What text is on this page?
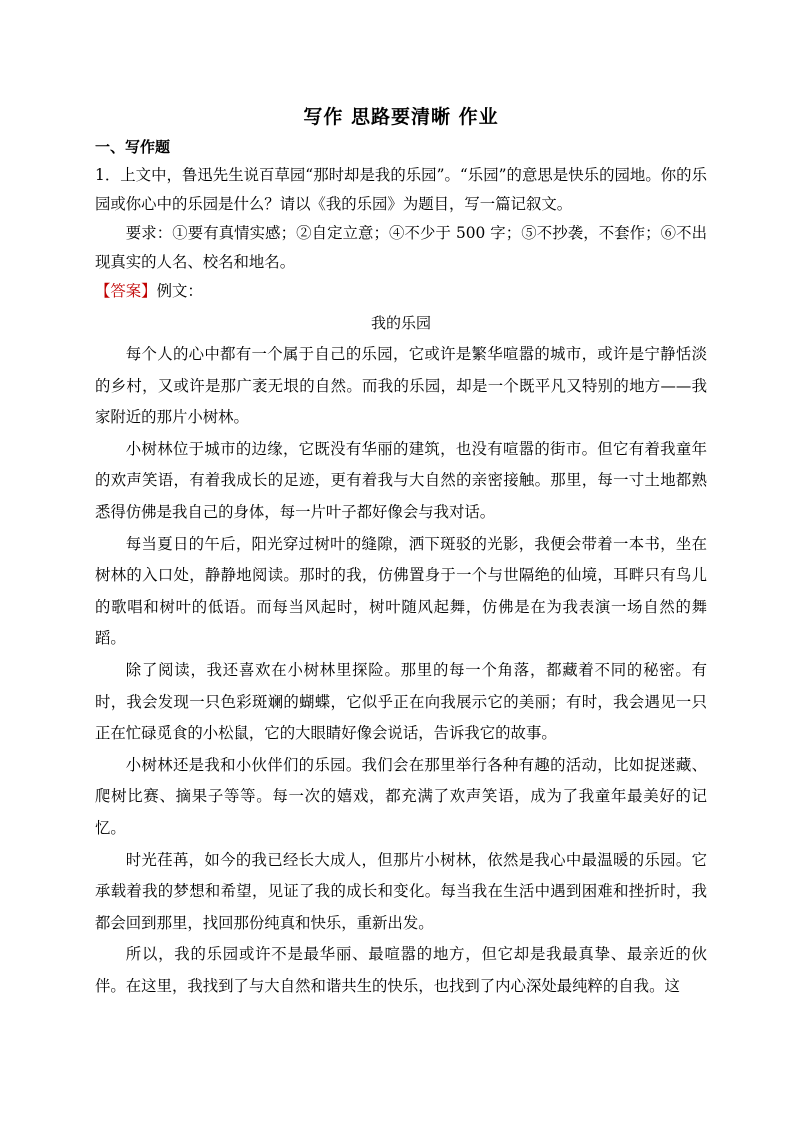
写作 思路要清晰 作业
一、写作题

1．上文中，鲁迅先生说百草园“那时却是我的乐园”。“乐园”的意思是快乐的园地。你的乐园或你心中的乐园是什么？请以《我的乐园》为题目，写一篇记叙文。

要求：①要有真情实感；②自定立意；④不少于 500 字；⑤不抄袭，不套作；⑥不出现真实的人名、校名和地名。

【答案】例文：

我的乐园

每个人的心中都有一个属于自己的乐园，它或许是繁华喧嚣的城市，或许是宁静恬淡的乡村，又或许是那广袤无垠的自然。而我的乐园，却是一个既平凡又特别的地方——我家附近的那片小树林。

小树林位于城市的边缘，它既没有华丽的建筑，也没有喧嚣的街市。但它有着我童年的欢声笑语，有着我成长的足迹，更有着我与大自然的亲密接触。那里，每一寸土地都熟悉得仿佛是我自己的身体，每一片叶子都好像会与我对话。

每当夏日的午后，阳光穿过树叶的缝隙，洒下斑驳的光影，我便会带着一本书，坐在树林的入口处，静静地阅读。那时的我，仿佛置身于一个与世隔绝的仙境，耳畔只有鸟儿的歌唱和树叶的低语。而每当风起时，树叶随风起舞，仿佛是在为我表演一场自然的舞蹈。

除了阅读，我还喜欢在小树林里探险。那里的每一个角落，都藏着不同的秘密。有时，我会发现一只色彩斑斓的蝴蝶，它似乎正在向我展示它的美丽；有时，我会遇见一只正在忙碌觅食的小松鼠，它的大眼睛好像会说话，告诉我它的故事。

小树林还是我和小伙伴们的乐园。我们会在那里举行各种有趣的活动，比如捉迷藏、爬树比赛、摘果子等等。每一次的嬉戏，都充满了欢声笑语，成为了我童年最美好的记忆。

时光荏苒，如今的我已经长大成人，但那片小树林，依然是我心中最温暖的乐园。它承载着我的梦想和希望，见证了我的成长和变化。每当我在生活中遇到困难和挫折时，我都会回到那里，找回那份纯真和快乐，重新出发。

所以，我的乐园或许不是最华丽、最喧嚣的地方，但它却是我最真挚、最亲近的伙伴。在这里，我找到了与大自然和谐共生的快乐，也找到了内心深处最纯粹的自我。这
